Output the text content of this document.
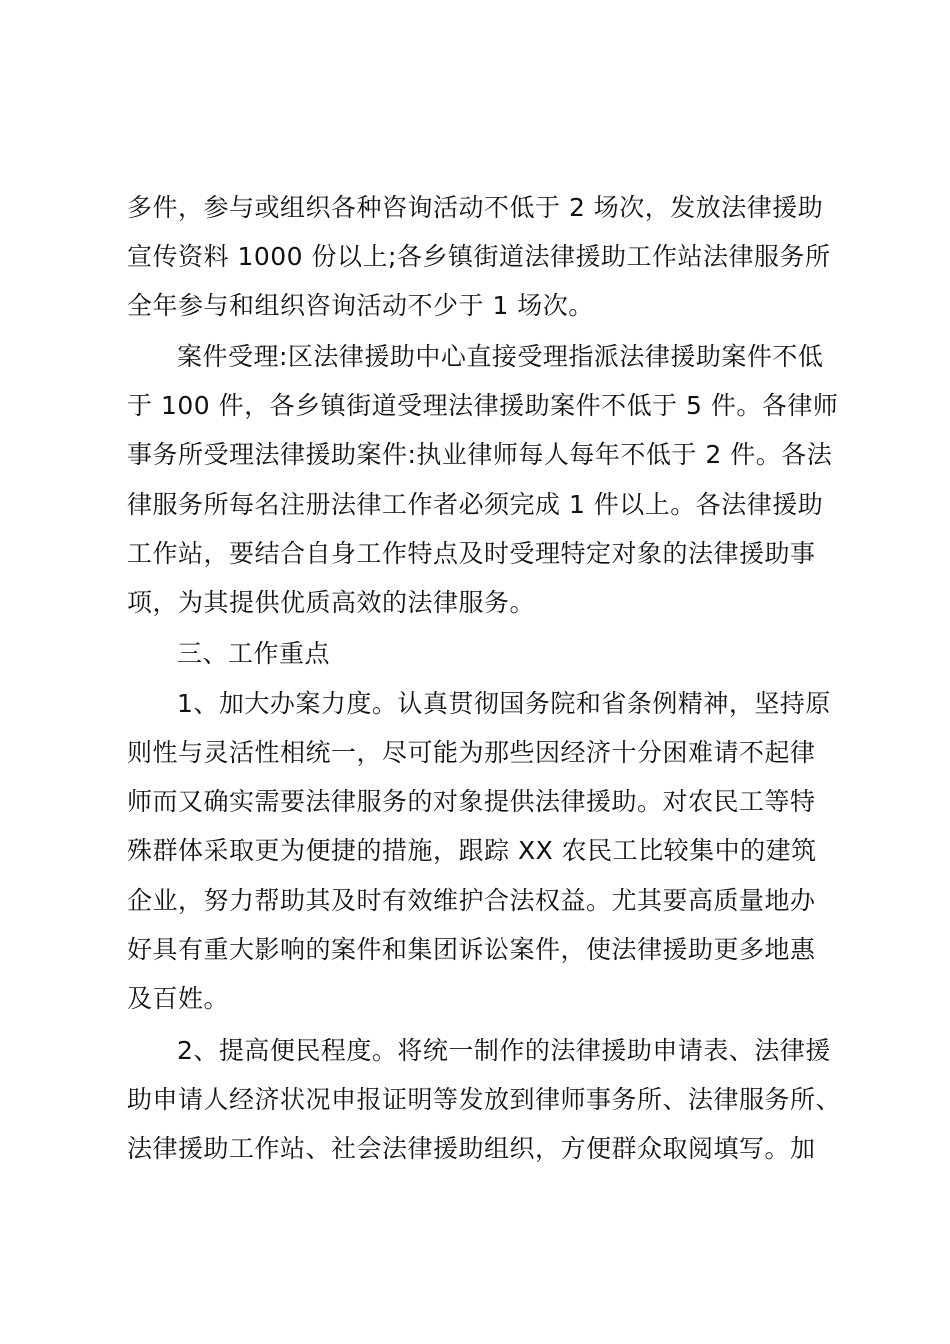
多件，参与或组织各种咨询活动不低于 2 场次，发放法律援助
宣传资料 1000 份以上;各乡镇街道法律援助工作站法律服务所
全年参与和组织咨询活动不少于 1 场次。
案件受理:区法律援助中心直接受理指派法律援助案件不低
于 100 件，各乡镇街道受理法律援助案件不低于 5 件。各律师
事务所受理法律援助案件:执业律师每人每年不低于 2 件。各法
律服务所每名注册法律工作者必须完成 1 件以上。各法律援助
工作站，要结合自身工作特点及时受理特定对象的法律援助事
项，为其提供优质高效的法律服务。
三、工作重点
1、加大办案力度。认真贯彻国务院和省条例精神，坚持原
则性与灵活性相统一，尽可能为那些因经济十分困难请不起律
师而又确实需要法律服务的对象提供法律援助。对农民工等特
殊群体采取更为便捷的措施，跟踪 XX 农民工比较集中的建筑
企业，努力帮助其及时有效维护合法权益。尤其要高质量地办
好具有重大影响的案件和集团诉讼案件，使法律援助更多地惠
及百姓。
2、提高便民程度。将统一制作的法律援助申请表、法律援
助申请人经济状况申报证明等发放到律师事务所、法律服务所、
法律援助工作站、社会法律援助组织，方便群众取阅填写。加
